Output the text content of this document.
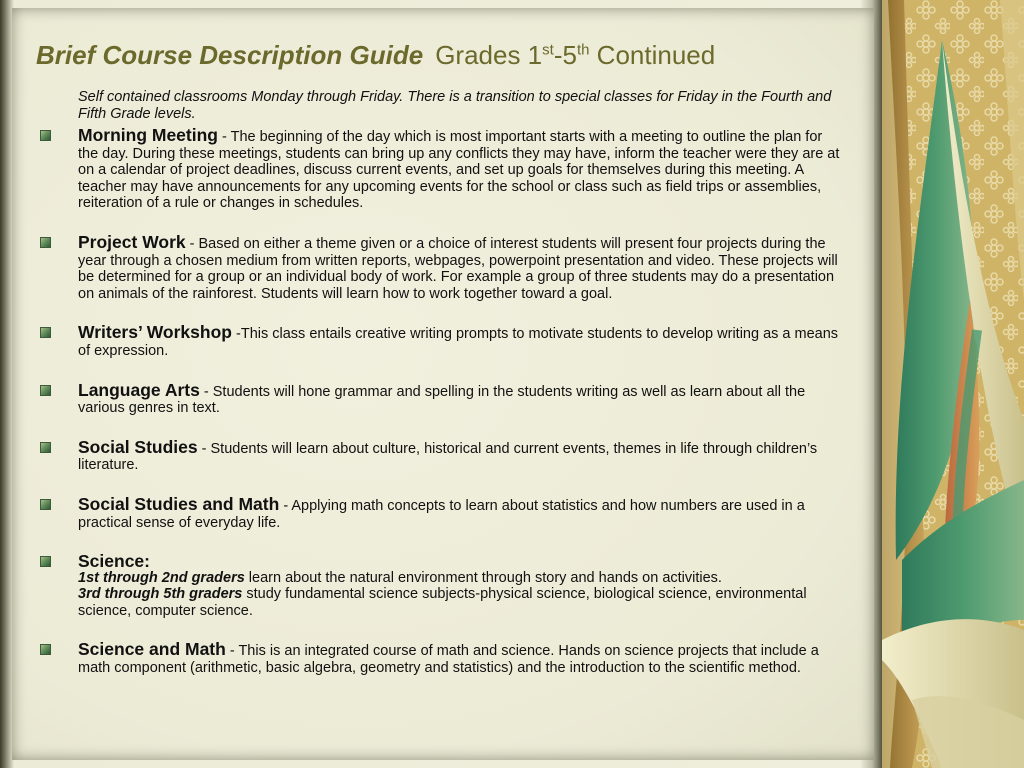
Brief Course Description Guide Grades 1st-5th Continued
Self contained classrooms Monday through Friday. There is a transition to special classes for Friday in the Fourth and Fifth Grade levels.
Morning Meeting - The beginning of the day which is most important starts with a meeting to outline the plan for the day. During these meetings, students can bring up any conflicts they may have, inform the teacher were they are at on a calendar of project deadlines, discuss current events, and set up goals for themselves during this meeting. A teacher may have announcements for any upcoming events for the school or class such as field trips or assemblies, reiteration of a rule or changes in schedules.
Project Work - Based on either a theme given or a choice of interest students will present four projects during the year through a chosen medium from written reports, webpages, powerpoint presentation and video. These projects will be determined for a group or an individual body of work. For example a group of three students may do a presentation on animals of the rainforest. Students will learn how to work together toward a goal.
Writers’ Workshop -This class entails creative writing prompts to motivate students to develop writing as a means of expression.
Language Arts - Students will hone grammar and spelling in the students writing as well as learn about all the various genres in text.
Social Studies - Students will learn about culture, historical and current events, themes in life through children’s literature.
Social Studies and Math - Applying math concepts to learn about statistics and how numbers are used in a practical sense of everyday life.
Science:
1st through 2nd graders learn about the natural environment through story and hands on activities.
3rd through 5th graders study fundamental science subjects-physical science, biological science, environmental science, computer science.
Science and Math - This is an integrated course of math and science. Hands on science projects that include a math component (arithmetic, basic algebra, geometry and statistics) and the introduction to the scientific method.
